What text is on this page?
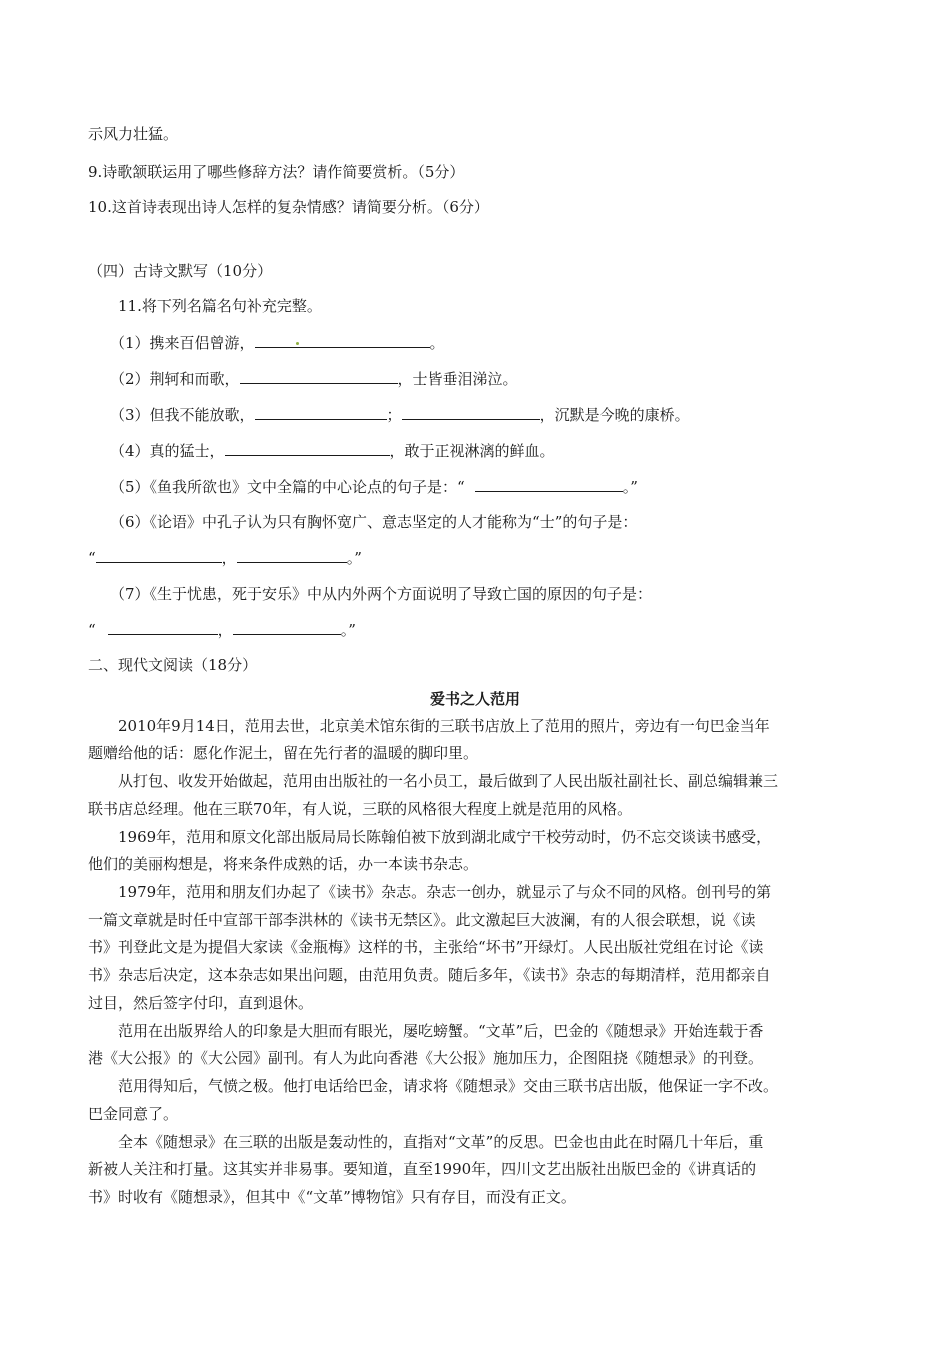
示风力壮猛。
9.诗歌颔联运用了哪些修辞方法？请作简要赏析。（5分）
10.这首诗表现出诗人怎样的复杂情感？请简要分析。（6分）
（四）古诗文默写（10分）
11.将下列名篇名句补充完整。
（1）携来百侣曾游，	。
（2）荆轲和而歌，	，士皆垂泪涕泣。
（3）但我不能放歌，	；	，沉默是今晚的康桥。
（4）真的猛士，	，敢于正视淋漓的鲜血。
（5）《鱼我所欲也》文中全篇的中心论点的句子是：“	。”
（6）《论语》中孔子认为只有胸怀宽广、意志坚定的人才能称为“士”的句子是：
“	，	。”
（7）《生于忧患，死于安乐》中从内外两个方面说明了导致亡国的原因的句子是：
“	，	。”
二、现代文阅读（18分）
爱书之人范用
2010年9月14日，范用去世，北京美术馆东街的三联书店放上了范用的照片，旁边有一句巴金当年
题赠给他的话：愿化作泥土，留在先行者的温暖的脚印里。
从打包、收发开始做起，范用由出版社的一名小员工，最后做到了人民出版社副社长、副总编辑兼三
联书店总经理。他在三联70年，有人说，三联的风格很大程度上就是范用的风格。
1969年，范用和原文化部出版局局长陈翰伯被下放到湖北咸宁干校劳动时，仍不忘交谈读书感受，
他们的美丽构想是，将来条件成熟的话，办一本读书杂志。
1979年，范用和朋友们办起了《读书》杂志。杂志一创办，就显示了与众不同的风格。创刊号的第
一篇文章就是时任中宣部干部李洪林的《读书无禁区》。此文激起巨大波澜，有的人很会联想，说《读
书》刊登此文是为提倡大家读《金瓶梅》这样的书，主张给“坏书”开绿灯。人民出版社党组在讨论《读
书》杂志后决定，这本杂志如果出问题，由范用负责。随后多年，《读书》杂志的每期清样，范用都亲自
过目，然后签字付印，直到退休。
范用在出版界给人的印象是大胆而有眼光，屡吃螃蟹。“文革”后，巴金的《随想录》开始连载于香
港《大公报》的《大公园》副刊。有人为此向香港《大公报》施加压力，企图阻挠《随想录》的刊登。
范用得知后，气愤之极。他打电话给巴金，请求将《随想录》交由三联书店出版，他保证一字不改。
巴金同意了。
全本《随想录》在三联的出版是轰动性的，直指对“文革”的反思。巴金也由此在时隔几十年后，重
新被人关注和打量。这其实并非易事。要知道，直至1990年，四川文艺出版社出版巴金的《讲真话的
书》时收有《随想录》，但其中《“文革”博物馆》只有存目，而没有正文。
